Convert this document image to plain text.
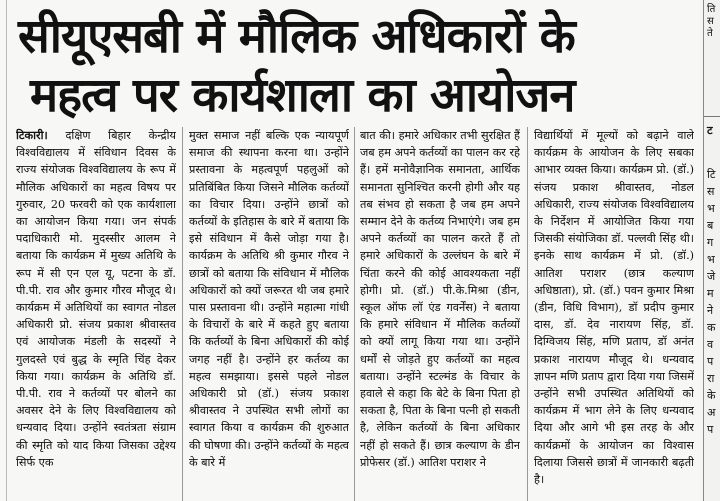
सीयूएसबी में मौलिक अधिकारों के
महत्व पर कार्यशाला का आयोजन

टिकारी। दक्षिण बिहार केन्द्रीय विश्वविद्यालय में संविधान दिवस के राज्य संयोजक विश्वविद्यालय के रूप में मौलिक अधिकारों का महत्व विषय पर गुरुवार, 20 फरवरी को एक कार्यशाला का आयोजन किया गया। जन संपर्क पदाधिकारी मो. मुदस्सीर आलम ने बताया कि कार्यक्रम में मुख्य अतिथि के रूप में सी एन एल यू, पटना के डॉ. पी.पी. राव और कुमार गौरव मौजूद थे। कार्यक्रम में अतिथियों का स्वागत नोडल अधिकारी प्रो. संजय प्रकाश श्रीवास्तव एवं आयोजक मंडली के सदस्यों ने गुलदस्ते एवं बुद्ध के स्मृति चिंह देकर किया गया। कार्यक्रम के अतिथि डॉ. पी.पी. राव ने कर्तव्यों पर बोलने का अवसर देने के लिए विश्वविद्यालय को धन्यवाद दिया। उन्होंने स्वतंत्रता संग्राम की स्मृति को याद किया जिसका उद्देश्य सिर्फ एक

मुक्त समाज नहीं बल्कि एक न्यायपूर्ण समाज की स्थापना करना था। उन्होंने प्रस्तावना के महत्वपूर्ण पहलुओं को प्रतिबिंबित किया जिसने मौलिक कर्तव्यों का विचार दिया। उन्होंने छात्रों को कर्तव्यों के इतिहास के बारे में बताया कि इसे संविधान में कैसे जोड़ा गया है। कार्यक्रम के अतिथि श्री कुमार गौरव ने छात्रों को बताया कि संविधान में मौलिक अधिकारों को क्यों जरूरत थी जब हमारे पास प्रस्तावना थी। उन्होंने महात्मा गांधी के विचारों के बारे में कहते हुए बताया कि कर्तव्यों के बिना अधिकारों की कोई जगह नहीं है। उन्होंने हर कर्तव्य का महत्व समझाया। इससे पहले नोडल अधिकारी प्रो (डॉ.) संजय प्रकाश श्रीवास्तव ने उपस्थित सभी लोगों का स्वागत किया व कार्यक्रम की शुरुआत की घोषणा की। उन्होंने कर्तव्यों के महत्व के बारे में

बात की। हमारे अधिकार तभी सुरक्षित हैं जब हम अपने कर्तव्यों का पालन कर रहे हैं। हमें मनोवैज्ञानिक समानता, आर्थिक समानता सुनिश्चित करनी होगी और यह तब संभव हो सकता है जब हम अपने सम्मान देने के कर्तव्य निभाएंगे। जब हम अपने कर्तव्यों का पालन करते हैं तो हमारे अधिकारों के उल्लंघन के बारे में चिंता करने की कोई आवश्यकता नहीं होगी। प्रो. (डॉ.) पी.के.मिश्रा (डीन, स्कूल ऑफ लॉ एंड गवर्नेंस) ने बताया कि हमारे संविधान में मौलिक कर्तव्यों को क्यों लागू किया गया था। उन्होंने धर्मों से जोड़ते हुए कर्तव्यों का महत्व बताया। उन्होंने स्टल्मंड के विचार के हवाले से कहा कि बेटे के बिना पिता हो सकता है, पिता के बिना पत्नी हो सकती है, लेकिन कर्तव्यों के बिना अधिकार नहीं हो सकते हैं। छात्र कल्याण के डीन प्रोफेसर (डॉ.) आतिश पराशर ने

विद्यार्थियों में मूल्यों को बढ़ाने वाले कार्यक्रम के आयोजन के लिए सबका आभार व्यक्त किया। कार्यक्रम प्रो. (डॉ.) संजय प्रकाश श्रीवास्तव, नोडल अधिकारी, राज्य संयोजक विश्वविद्यालय के निर्देशन में आयोजित किया गया जिसकी संयोजिका डॉ. पल्लवी सिंह थी। इनके साथ कार्यक्रम में प्रो. (डॉ.) आतिश पराशर (छात्र कल्याण अधिष्ठाता), प्रो. (डॉ.) पवन कुमार मिश्रा (डीन, विधि विभाग), डॉ प्रदीप कुमार दास, डॉ. देव नारायण सिंह, डॉ. दिग्विजय सिंह, मणि प्रताप, डॉ अनंत प्रकाश नारायण मौजूद थे। धन्यवाद ज्ञापन मणि प्रताप द्वारा दिया गया जिसमें उन्होंने सभी उपस्थित अतिथियों को कार्यक्रम में भाग लेने के लिए धन्यवाद दिया और आगे भी इस तरह के और कार्यक्रमों के आयोजन का विश्वास दिलाया जिससे छात्रों में जानकारी बढ़ती है।

ति
स
ते
ट
टि
स
भ
ब
ग
भ
जे
म
ने
क
व
प
रा
के
अ
प
